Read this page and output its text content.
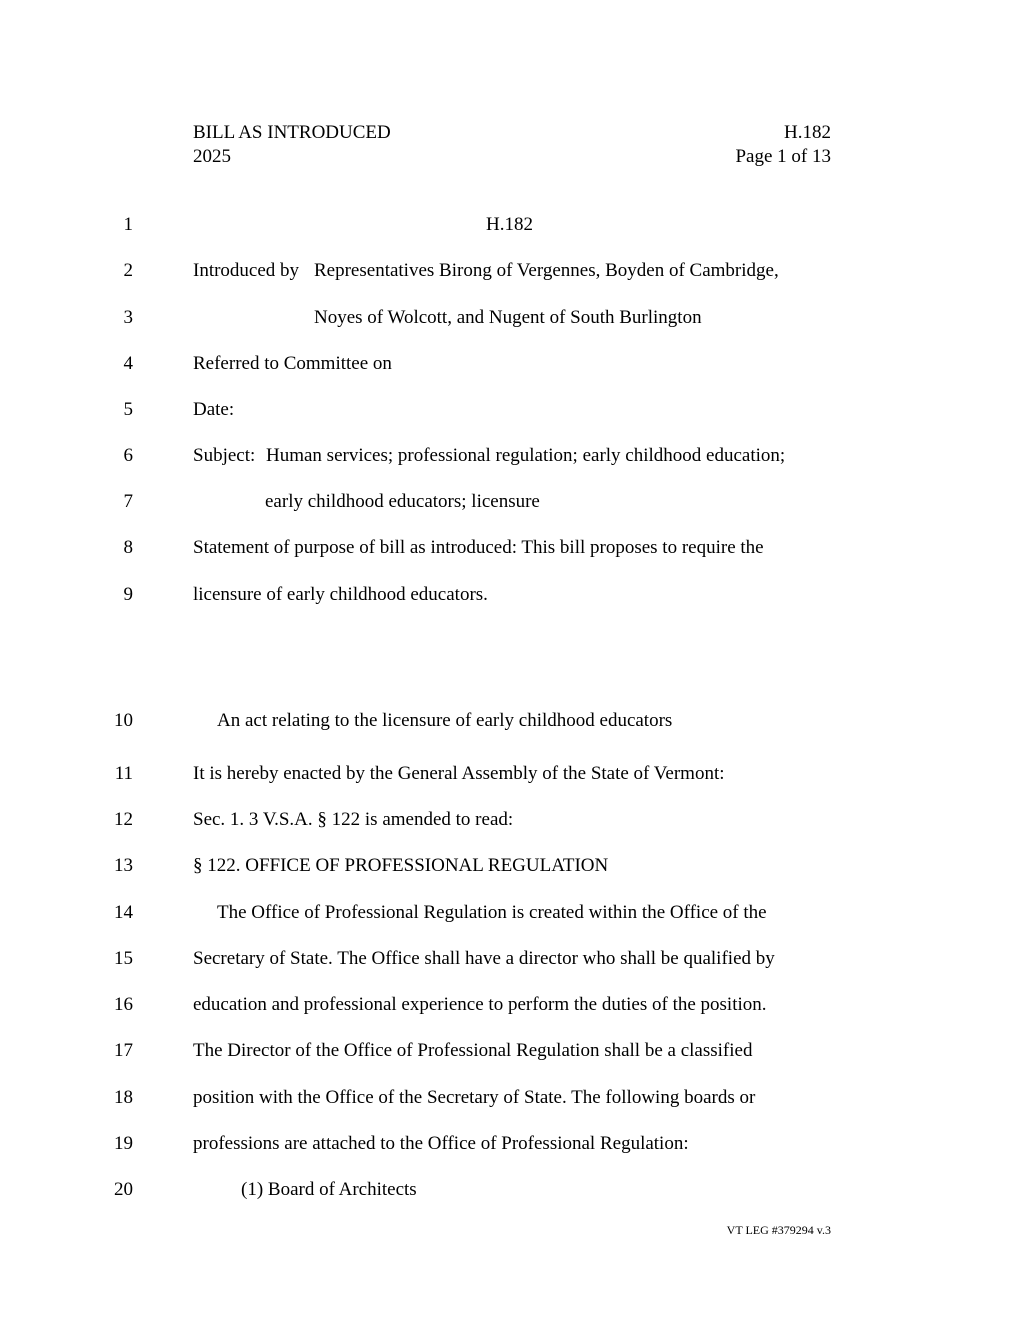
BILL AS INTRODUCED
2025
H.182
Page 1 of 13
1
2
3
4
5
6
7
8
9
10
11
12
13
14
15
16
17
18
19
20
H.182
Introduced by Representatives Birong of Vergennes, Boyden of Cambridge,
Noyes of Wolcott, and Nugent of South Burlington
Referred to Committee on
Date:
Subject: Human services; professional regulation; early childhood education;
early childhood educators; licensure
Statement of purpose of bill as introduced: This bill proposes to require the
licensure of early childhood educators.
An act relating to the licensure of early childhood educators
It is hereby enacted by the General Assembly of the State of Vermont:
Sec. 1. 3 V.S.A. § 122 is amended to read:
§ 122. OFFICE OF PROFESSIONAL REGULATION
The Office of Professional Regulation is created within the Office of the
Secretary of State. The Office shall have a director who shall be qualified by
education and professional experience to perform the duties of the position.
The Director of the Office of Professional Regulation shall be a classified
position with the Office of the Secretary of State. The following boards or
professions are attached to the Office of Professional Regulation:
(1) Board of Architects
VT LEG #379294 v.3
